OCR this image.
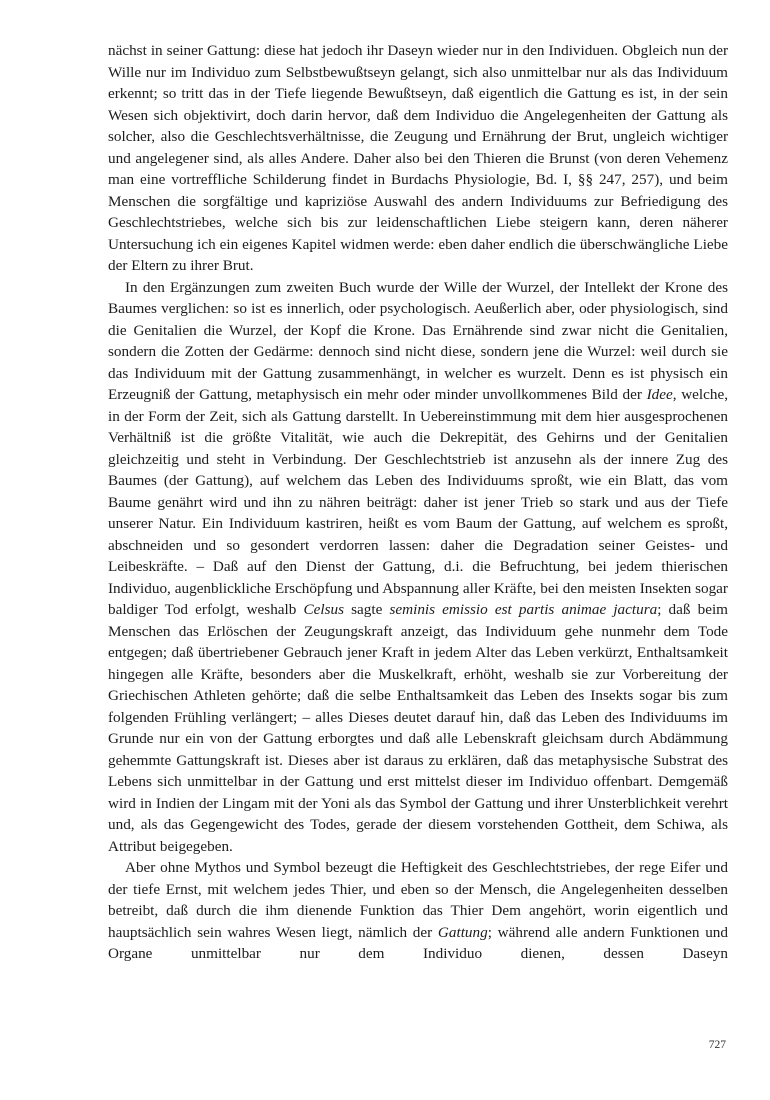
nächst in seiner Gattung: diese hat jedoch ihr Daseyn wieder nur in den Individuen. Obgleich nun der Wille nur im Individuo zum Selbstbewußtseyn gelangt, sich also unmittelbar nur als das Individuum erkennt; so tritt das in der Tiefe liegende Bewußtseyn, daß eigentlich die Gattung es ist, in der sein Wesen sich objektivirt, doch darin hervor, daß dem Individuo die Angelegenheiten der Gattung als solcher, also die Geschlechtsverhältnisse, die Zeugung und Ernährung der Brut, ungleich wichtiger und angelegener sind, als alles Andere. Daher also bei den Thieren die Brunst (von deren Vehemenz man eine vortreffliche Schilderung findet in Burdachs Physiologie, Bd. I, §§ 247, 257), und beim Menschen die sorgfältige und kapriziöse Auswahl des andern Individuums zur Befriedigung des Geschlechtstriebes, welche sich bis zur leidenschaftlichen Liebe steigern kann, deren näherer Untersuchung ich ein eigenes Kapitel widmen werde: eben daher endlich die überschwängliche Liebe der Eltern zu ihrer Brut.

In den Ergänzungen zum zweiten Buch wurde der Wille der Wurzel, der Intellekt der Krone des Baumes verglichen: so ist es innerlich, oder psychologisch. Aeußerlich aber, oder physiologisch, sind die Genitalien die Wurzel, der Kopf die Krone. Das Ernährende sind zwar nicht die Genitalien, sondern die Zotten der Gedärme: dennoch sind nicht diese, sondern jene die Wurzel: weil durch sie das Individuum mit der Gattung zusammenhängt, in welcher es wurzelt. Denn es ist physisch ein Erzeugniß der Gattung, metaphysisch ein mehr oder minder unvollkommenes Bild der Idee, welche, in der Form der Zeit, sich als Gattung darstellt. In Uebereinstimmung mit dem hier ausgesprochenen Verhältniß ist die größte Vitalität, wie auch die Dekrepität, des Gehirns und der Genitalien gleichzeitig und steht in Verbindung. Der Geschlechtstrieb ist anzusehn als der innere Zug des Baumes (der Gattung), auf welchem das Leben des Individuums sproßt, wie ein Blatt, das vom Baume genährt wird und ihn zu nähren beiträgt: daher ist jener Trieb so stark und aus der Tiefe unserer Natur. Ein Individuum kastriren, heißt es vom Baum der Gattung, auf welchem es sproßt, abschneiden und so gesondert verdorren lassen: daher die Degradation seiner Geistes- und Leibeskräfte. – Daß auf den Dienst der Gattung, d.i. die Befruchtung, bei jedem thierischen Individuo, augenblickliche Erschöpfung und Abspannung aller Kräfte, bei den meisten Insekten sogar baldiger Tod erfolgt, weshalb Celsus sagte seminis emissio est partis animae jactura; daß beim Menschen das Erlöschen der Zeugungskraft anzeigt, das Individuum gehe nunmehr dem Tode entgegen; daß übertriebener Gebrauch jener Kraft in jedem Alter das Leben verkürzt, Enthaltsamkeit hingegen alle Kräfte, besonders aber die Muskelkraft, erhöht, weshalb sie zur Vorbereitung der Griechischen Athleten gehörte; daß die selbe Enthaltsamkeit das Leben des Insekts sogar bis zum folgenden Frühling verlängert; – alles Dieses deutet darauf hin, daß das Leben des Individuums im Grunde nur ein von der Gattung erborgtes und daß alle Lebenskraft gleichsam durch Abdämmung gehemmte Gattungskraft ist. Dieses aber ist daraus zu erklären, daß das metaphysische Substrat des Lebens sich unmittelbar in der Gattung und erst mittelst dieser im Individuo offenbart. Demgemäß wird in Indien der Lingam mit der Yoni als das Symbol der Gattung und ihrer Unsterblichkeit verehrt und, als das Gegengewicht des Todes, gerade der diesem vorstehenden Gottheit, dem Schiwa, als Attribut beigegeben.

Aber ohne Mythos und Symbol bezeugt die Heftigkeit des Geschlechtstriebes, der rege Eifer und der tiefe Ernst, mit welchem jedes Thier, und eben so der Mensch, die Angelegenheiten desselben betreibt, daß durch die ihm dienende Funktion das Thier Dem angehört, worin eigentlich und hauptsächlich sein wahres Wesen liegt, nämlich der Gattung; während alle andern Funktionen und Organe unmittelbar nur dem Individuo dienen, dessen Daseyn

727
